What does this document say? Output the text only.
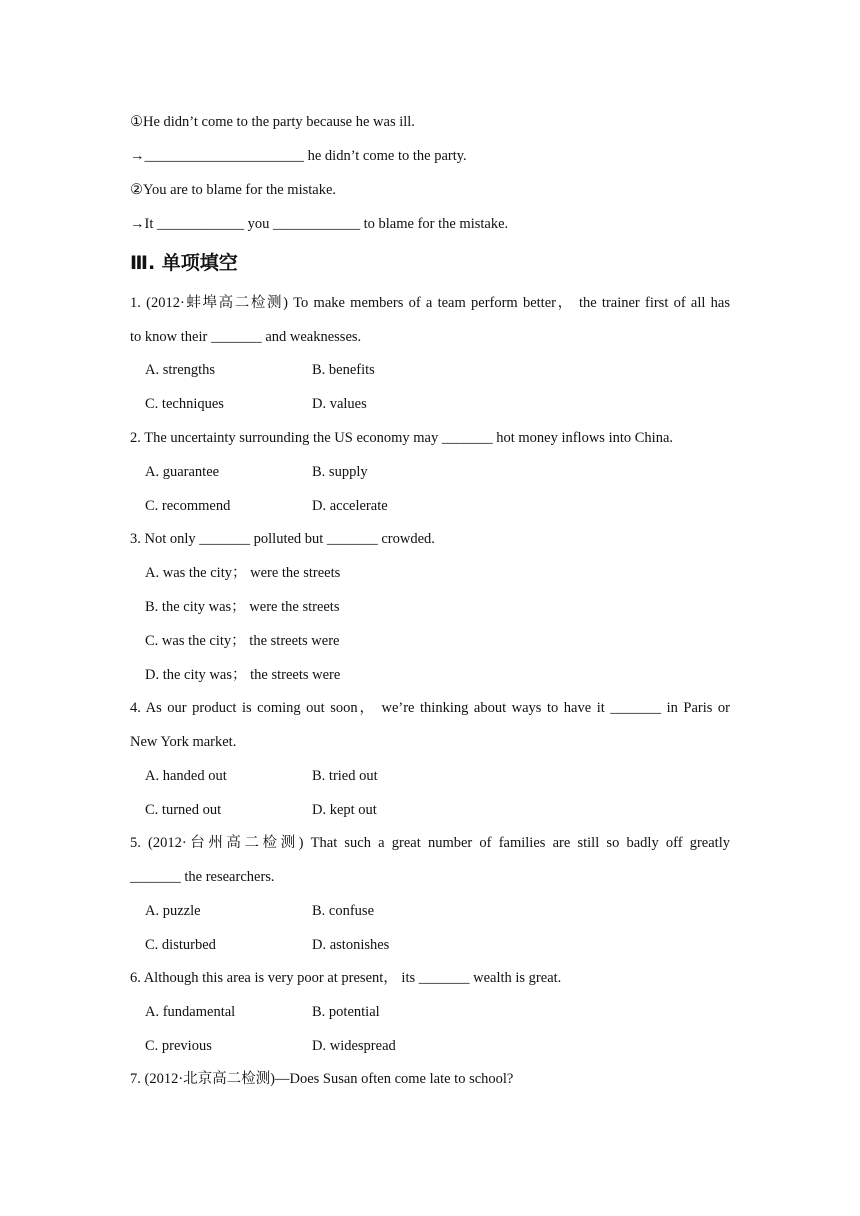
①He didn’t come to the party because he was ill.
→______________________ he didn’t come to the party.
②You are to blame for the mistake.
→It ____________ you ____________ to blame for the mistake.
Ⅲ. 单项填空
1. (2012·蚌埠高二检测) To make members of a team perform better， the trainer first of all has
to know their _______ and weaknesses.
A. strengths	B. benefits
C. techniques	D. values
2. The uncertainty surrounding the US economy may _______ hot money inflows into China.
A. guarantee	B. supply
C. recommend	D. accelerate
3. Not only _______ polluted but _______ crowded.
A. was the city； were the streets
B. the city was； were the streets
C. was the city； the streets were
D. the city was； the streets were
4. As our product is coming out soon， we’re thinking about ways to have it _______ in Paris or
New York market.
A. handed out	B. tried out
C. turned out	D. kept out
5. (2012·台州高二检测) That such a great number of families are still so badly off greatly
_______ the researchers.
A. puzzle	B. confuse
C. disturbed	D. astonishes
6. Although this area is very poor at present， its _______ wealth is great.
A. fundamental	B. potential
C. previous	D. widespread
7. (2012·北京高二检测)—Does Susan often come late to school?
